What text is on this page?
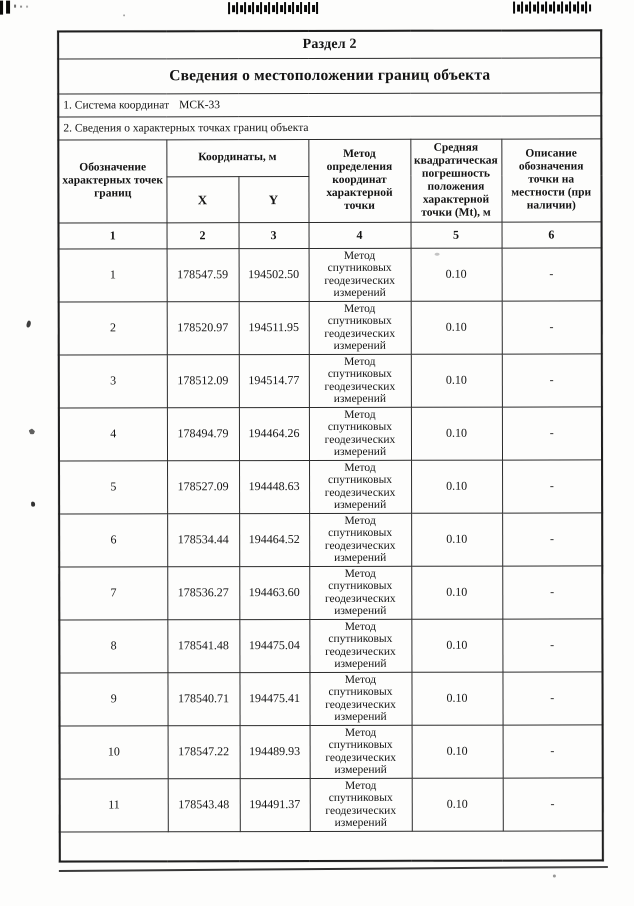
Раздел 2					
Сведения о местоположении границ объекта					
1. Система координат МСК-33					
2. Сведения о характерных точках границ объекта					
Обозначение характерных точек границ	Координаты, м		Метод определения координат характерной точки	Средняя квадратическая погрешность положения характерной точки (Mt), м	Описание обозначения точки на местности (при наличии)
	X	Y			
1	2	3	4	5	6
1	178547.59	194502.50	Метод спутниковых геодезических измерений	0.10	-
2	178520.97	194511.95	Метод спутниковых геодезических измерений	0.10	-
3	178512.09	194514.77	Метод спутниковых геодезических измерений	0.10	-
4	178494.79	194464.26	Метод спутниковых геодезических измерений	0.10	-
5	178527.09	194448.63	Метод спутниковых геодезических измерений	0.10	-
6	178534.44	194464.52	Метод спутниковых геодезических измерений	0.10	-
7	178536.27	194463.60	Метод спутниковых геодезических измерений	0.10	-
8	178541.48	194475.04	Метод спутниковых геодезических измерений	0.10	-
9	178540.71	194475.41	Метод спутниковых геодезических измерений	0.10	-
10	178547.22	194489.93	Метод спутниковых геодезических измерений	0.10	-
11	178543.48	194491.37	Метод спутниковых геодезических измерений	0.10	-
